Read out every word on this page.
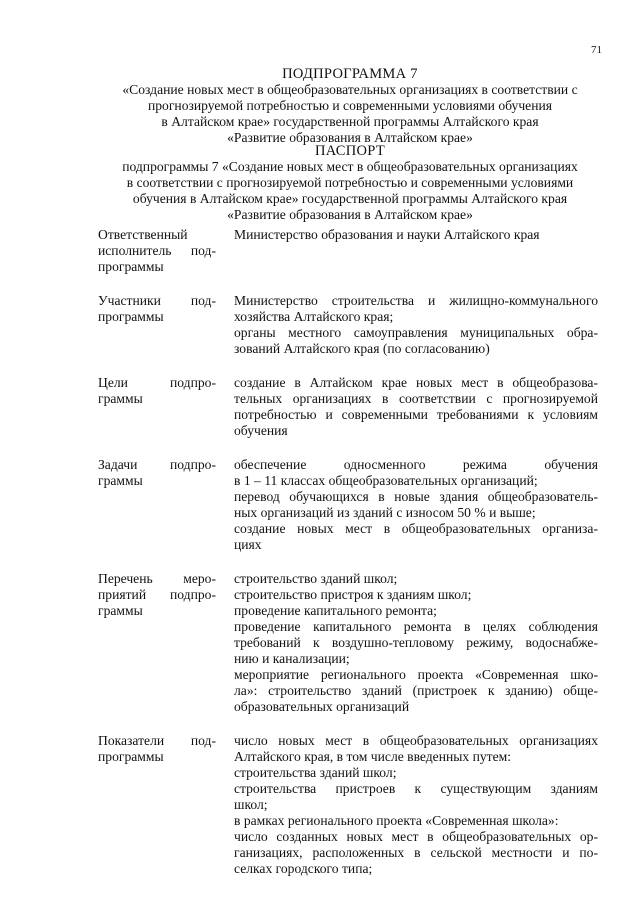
71
ПОДПРОГРАММА 7
«Создание новых мест в общеобразовательных организациях в соответствии с
прогнозируемой потребностью и современными условиями обучения
в Алтайском крае» государственной программы Алтайского края
«Развитие образования в Алтайском крае»
ПАСПОРТ
подпрограммы 7 «Создание новых мест в общеобразовательных организациях
в соответствии с прогнозируемой потребностью и современными условиями
обучения в Алтайском крае» государственной программы Алтайского края
«Развитие образования в Алтайском крае»
Ответственный
исполнитель под-
программы
Министерство образования и науки Алтайского края
Участники под-
программы
Министерство строительства и жилищно-коммунального
хозяйства Алтайского края;
органы местного самоуправления муниципальных обра-
зований Алтайского края (по согласованию)
Цели подпро-
граммы
создание в Алтайском крае новых мест в общеобразова-
тельных организациях в соответствии с прогнозируемой
потребностью и современными требованиями к условиям
обучения
Задачи подпро-
граммы
обеспечение односменного режима обучения
в 1 – 11 классах общеобразовательных организаций;
перевод обучающихся в новые здания общеобразователь-
ных организаций из зданий с износом 50 % и выше;
создание новых мест в общеобразовательных организа-
циях
Перечень меро-
приятий подпро-
граммы
строительство зданий школ;
строительство пристроя к зданиям школ;
проведение капитального ремонта;
проведение капитального ремонта в целях соблюдения
требований к воздушно-тепловому режиму, водоснабже-
нию и канализации;
мероприятие регионального проекта «Современная шко-
ла»: строительство зданий (пристроек к зданию) обще-
образовательных организаций
Показатели под-
программы
число новых мест в общеобразовательных организациях
Алтайского края, в том числе введенных путем:
строительства зданий школ;
строительства пристроев к существующим зданиям
школ;
в рамках регионального проекта «Современная школа»:
число созданных новых мест в общеобразовательных ор-
ганизациях, расположенных в сельской местности и по-
селках городского типа;
